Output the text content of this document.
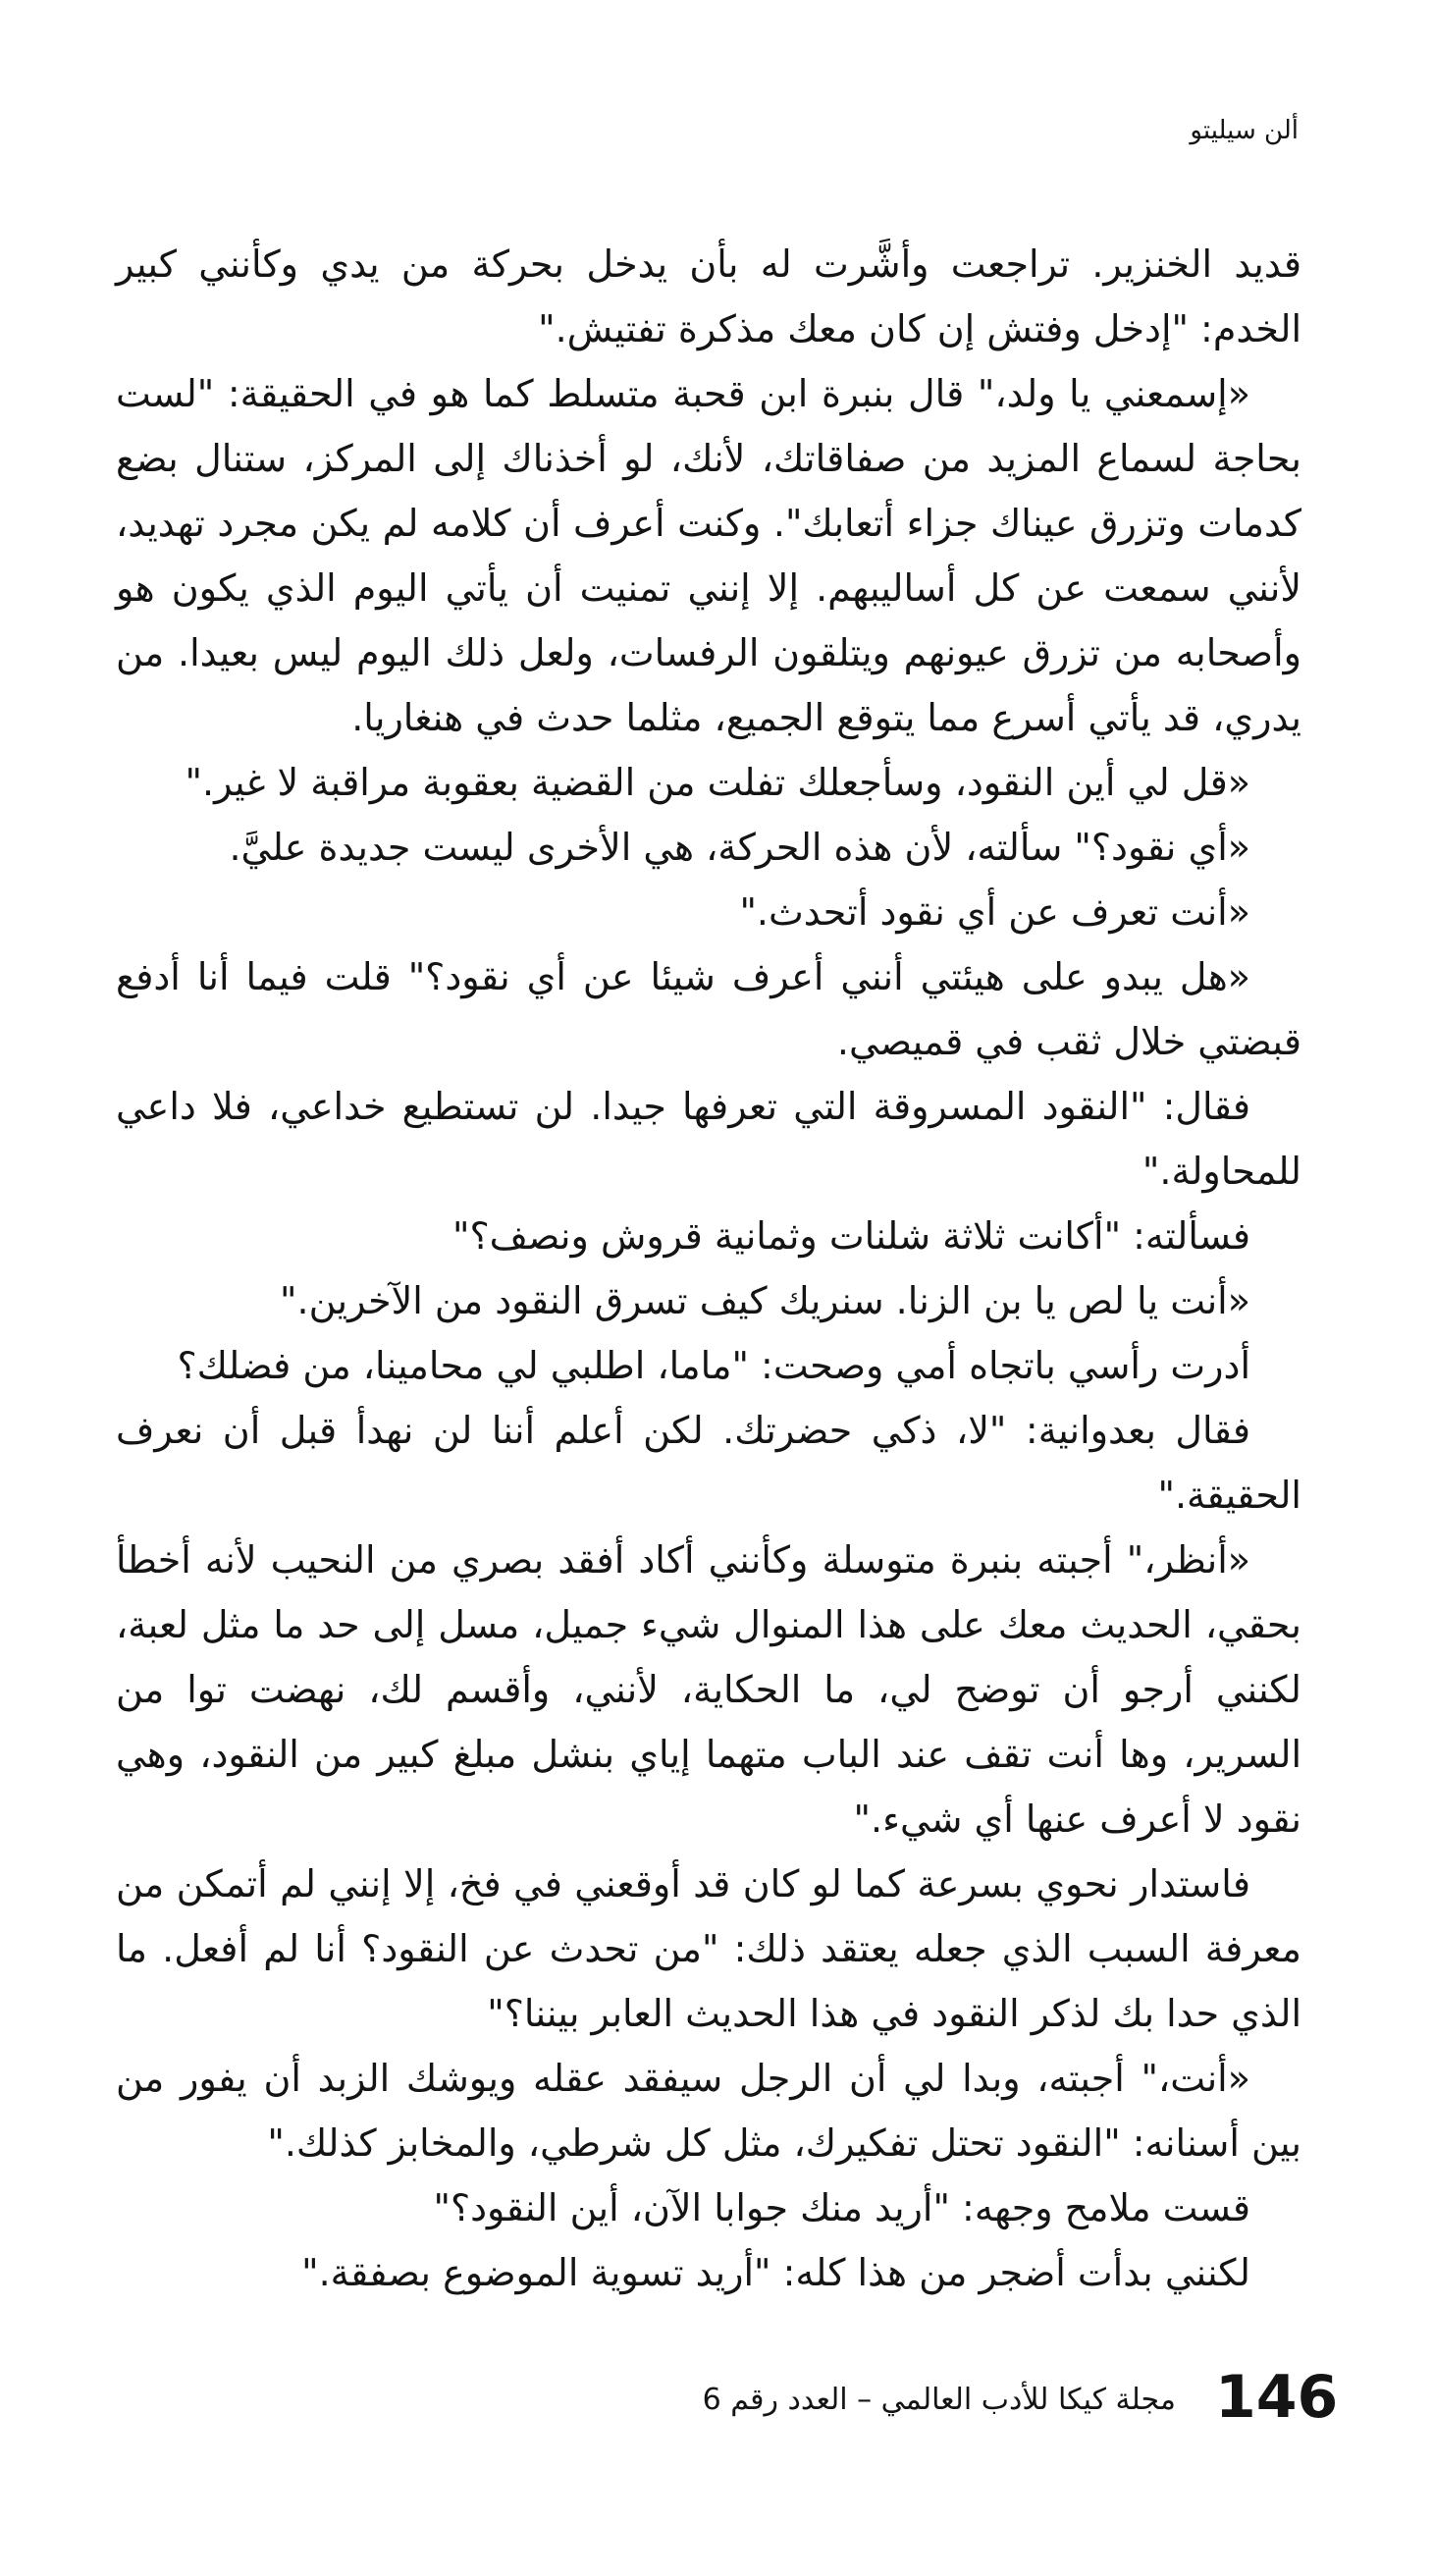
ألن سيليتو

قديد الخنزير. تراجعت وأشَّرت له بأن يدخل بحركة من يدي وكأنني كبير الخدم: "إدخل وفتش إن كان معك مذكرة تفتيش."

«إسمعني يا ولد،" قال بنبرة ابن قحبة متسلط كما هو في الحقيقة: "لست بحاجة لسماع المزيد من صفاقاتك، لأنك، لو أخذناك إلى المركز، ستنال بضع كدمات وتزرق عيناك جزاء أتعابك". وكنت أعرف أن كلامه لم يكن مجرد تهديد، لأنني سمعت عن كل أساليبهم. إلا إنني تمنيت أن يأتي اليوم الذي يكون هو وأصحابه من تزرق عيونهم ويتلقون الرفسات، ولعل ذلك اليوم ليس بعيدا. من يدري، قد يأتي أسرع مما يتوقع الجميع، مثلما حدث في هنغاريا.

«قل لي أين النقود، وسأجعلك تفلت من القضية بعقوبة مراقبة لا غير."

«أي نقود؟" سألته، لأن هذه الحركة، هي الأخرى ليست جديدة عليَّ.

«أنت تعرف عن أي نقود أتحدث."

«هل يبدو على هيئتي أنني أعرف شيئا عن أي نقود؟" قلت فيما أنا أدفع قبضتي خلال ثقب في قميصي.

فقال: "النقود المسروقة التي تعرفها جيدا. لن تستطيع خداعي، فلا داعي للمحاولة."

فسألته: "أكانت ثلاثة شلنات وثمانية قروش ونصف؟"

«أنت يا لص يا بن الزنا. سنريك كيف تسرق النقود من الآخرين."

أدرت رأسي باتجاه أمي وصحت: "ماما، اطلبي لي محامينا، من فضلك؟

فقال بعدوانية: "لا، ذكي حضرتك. لكن أعلم أننا لن نهدأ قبل أن نعرف الحقيقة."

«أنظر،" أجبته بنبرة متوسلة وكأنني أكاد أفقد بصري من النحيب لأنه أخطأ بحقي، الحديث معك على هذا المنوال شيء جميل، مسل إلى حد ما مثل لعبة، لكنني أرجو أن توضح لي، ما الحكاية، لأنني، وأقسم لك، نهضت توا من السرير، وها أنت تقف عند الباب متهما إياي بنشل مبلغ كبير من النقود، وهي نقود لا أعرف عنها أي شيء."

فاستدار نحوي بسرعة كما لو كان قد أوقعني في فخ، إلا إنني لم أتمكن من معرفة السبب الذي جعله يعتقد ذلك: "من تحدث عن النقود؟ أنا لم أفعل. ما الذي حدا بك لذكر النقود في هذا الحديث العابر بيننا؟"

«أنت،" أجبته، وبدا لي أن الرجل سيفقد عقله ويوشك الزبد أن يفور من بين أسنانه: "النقود تحتل تفكيرك، مثل كل شرطي، والمخابز كذلك."

قست ملامح وجهه: "أريد منك جوابا الآن، أين النقود؟"

لكنني بدأت أضجر من هذا كله: "أريد تسوية الموضوع بصفقة."

146
مجلة كيكا للأدب العالمي – العدد رقم 6
